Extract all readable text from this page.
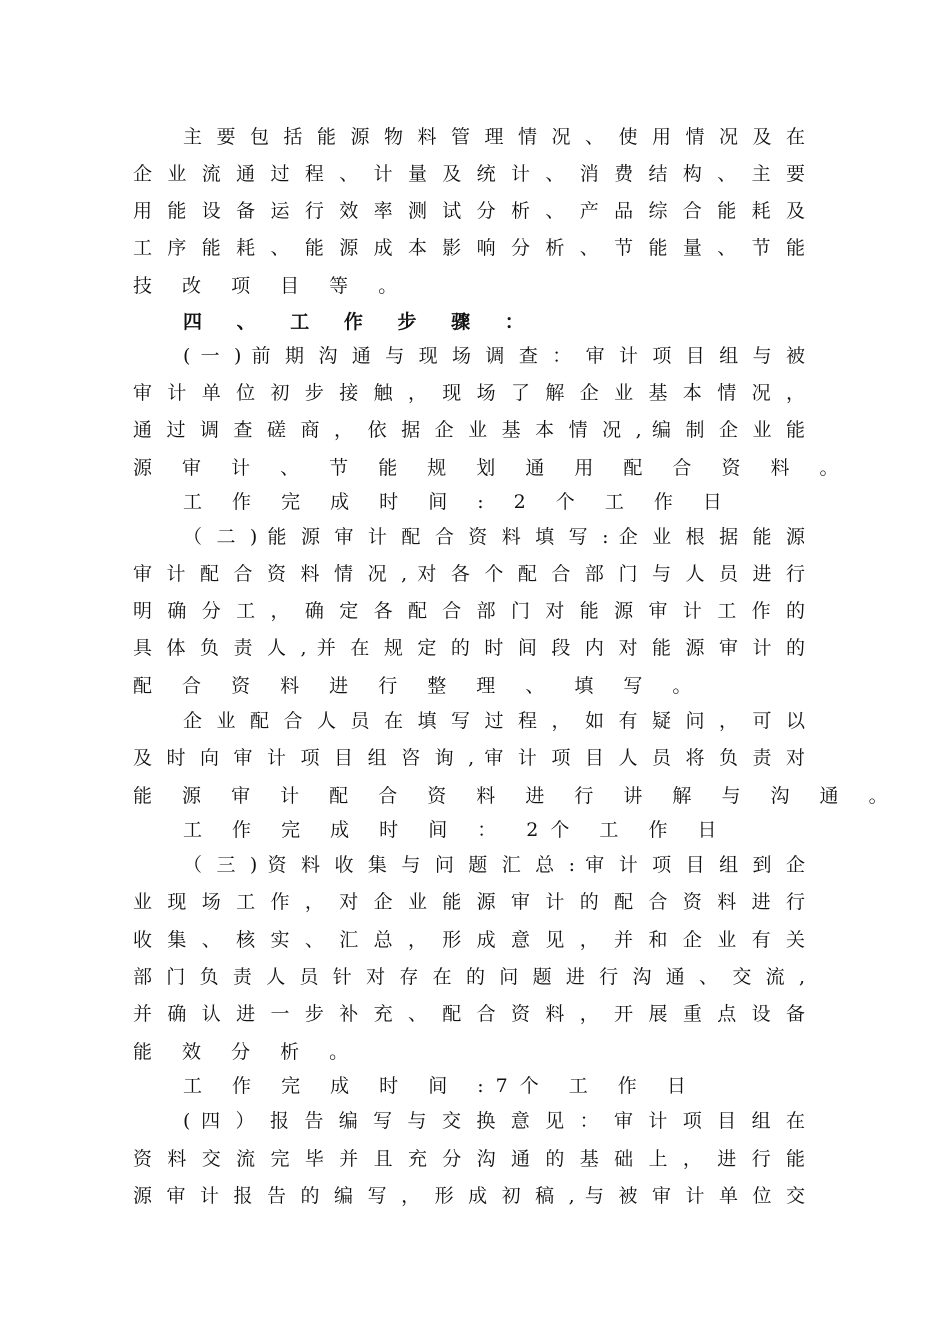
主 要 包 括 能 源 物 料 管 理 情 况 、 使 用 情 况 及 在
企 业 流 通 过 程 、 计 量 及 统 计 、 消 费 结 构 、 主 要
用 能 设 备 运 行 效 率 测 试 分 析 、 产 品 综 合 能 耗 及
工 序 能 耗 、 能 源 成 本 影 响 分 析 、 节 能 量 、 节 能
技 改 项 目 等 。
四 、 工 作 步 骤 ：
( 一 ) 前 期 沟 通 与 现 场 调 查 ： 审 计 项 目 组 与 被
审 计 单 位 初 步 接 触 ， 现 场 了 解 企 业 基 本 情 况 ，
通 过 调 查 磋 商 ， 依 据 企 业 基 本 情 况 , 编 制 企 业 能
源 审 计 、 节 能 规 划 通 用 配 合 资 料 。
工 作 完 成 时 间 : 2 个 工 作 日
（ 二 ) 能 源 审 计 配 合 资 料 填 写 : 企 业 根 据 能 源
审 计 配 合 资 料 情 况 , 对 各 个 配 合 部 门 与 人 员 进 行
明 确 分 工 ， 确 定 各 配 合 部 门 对 能 源 审 计 工 作 的
具 体 负 责 人 , 并 在 规 定 的 时 间 段 内 对 能 源 审 计 的
配 合 资 料 进 行 整 理 、 填 写 。
企 业 配 合 人 员 在 填 写 过 程 ， 如 有 疑 问 ， 可 以
及 时 向 审 计 项 目 组 咨 询 , 审 计 项 目 人 员 将 负 责 对
能 源 审 计 配 合 资 料 进 行 讲 解 与 沟 通 。
工 作 完 成 时 间 ： 2个 工 作 日
（ 三 ) 资 料 收 集 与 问 题 汇 总 : 审 计 项 目 组 到 企
业 现 场 工 作 ， 对 企 业 能 源 审 计 的 配 合 资 料 进 行
收 集 、 核 实 、 汇 总 ， 形 成 意 见 ， 并 和 企 业 有 关
部 门 负 责 人 员 针 对 存 在 的 问 题 进 行 沟 通 、 交 流 ,
并 确 认 进 一 步 补 充 、 配 合 资 料 ， 开 展 重 点 设 备
能 效 分 析 。
工 作 完 成 时 间 :7个 工 作 日
( 四 ） 报 告 编 写 与 交 换 意 见 ： 审 计 项 目 组 在
资 料 交 流 完 毕 并 且 充 分 沟 通 的 基 础 上 ， 进 行 能
源 审 计 报 告 的 编 写 ， 形 成 初 稿 , 与 被 审 计 单 位 交
